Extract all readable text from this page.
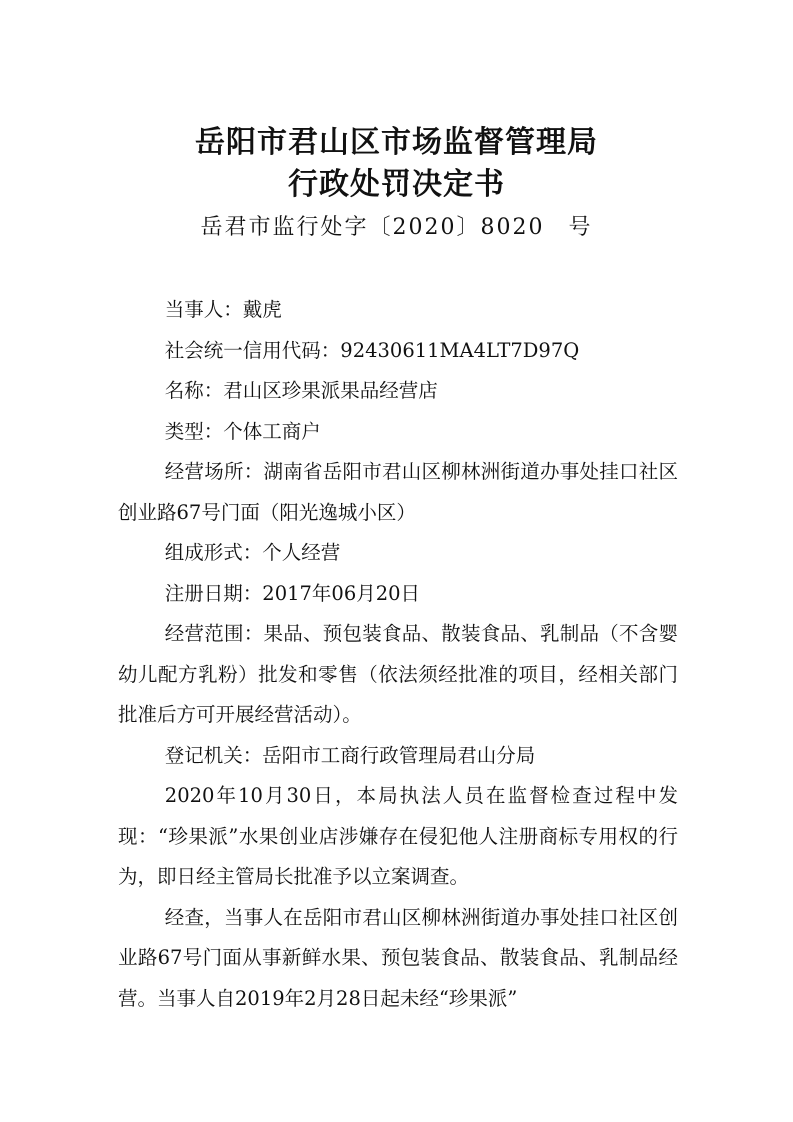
岳阳市君山区市场监督管理局
行政处罚决定书
岳君市监行处字〔2020〕8020　号

当事人：戴虎

社会统一信用代码：92430611MA4LT7D97Q

名称：君山区珍果派果品经营店

类型：个体工商户

经营场所：湖南省岳阳市君山区柳林洲街道办事处挂口社区创业路67号门面（阳光逸城小区）

组成形式：个人经营

注册日期：2017年06月20日

经营范围：果品、预包装食品、散装食品、乳制品（不含婴幼儿配方乳粉）批发和零售（依法须经批准的项目，经相关部门批准后方可开展经营活动）。

登记机关：岳阳市工商行政管理局君山分局

2020年10月30日，本局执法人员在监督检查过程中发现：“珍果派”水果创业店涉嫌存在侵犯他人注册商标专用权的行为，即日经主管局长批准予以立案调查。

经查，当事人在岳阳市君山区柳林洲街道办事处挂口社区创业路67号门面从事新鲜水果、预包装食品、散装食品、乳制品经营。当事人自2019年2月28日起未经“珍果派”
